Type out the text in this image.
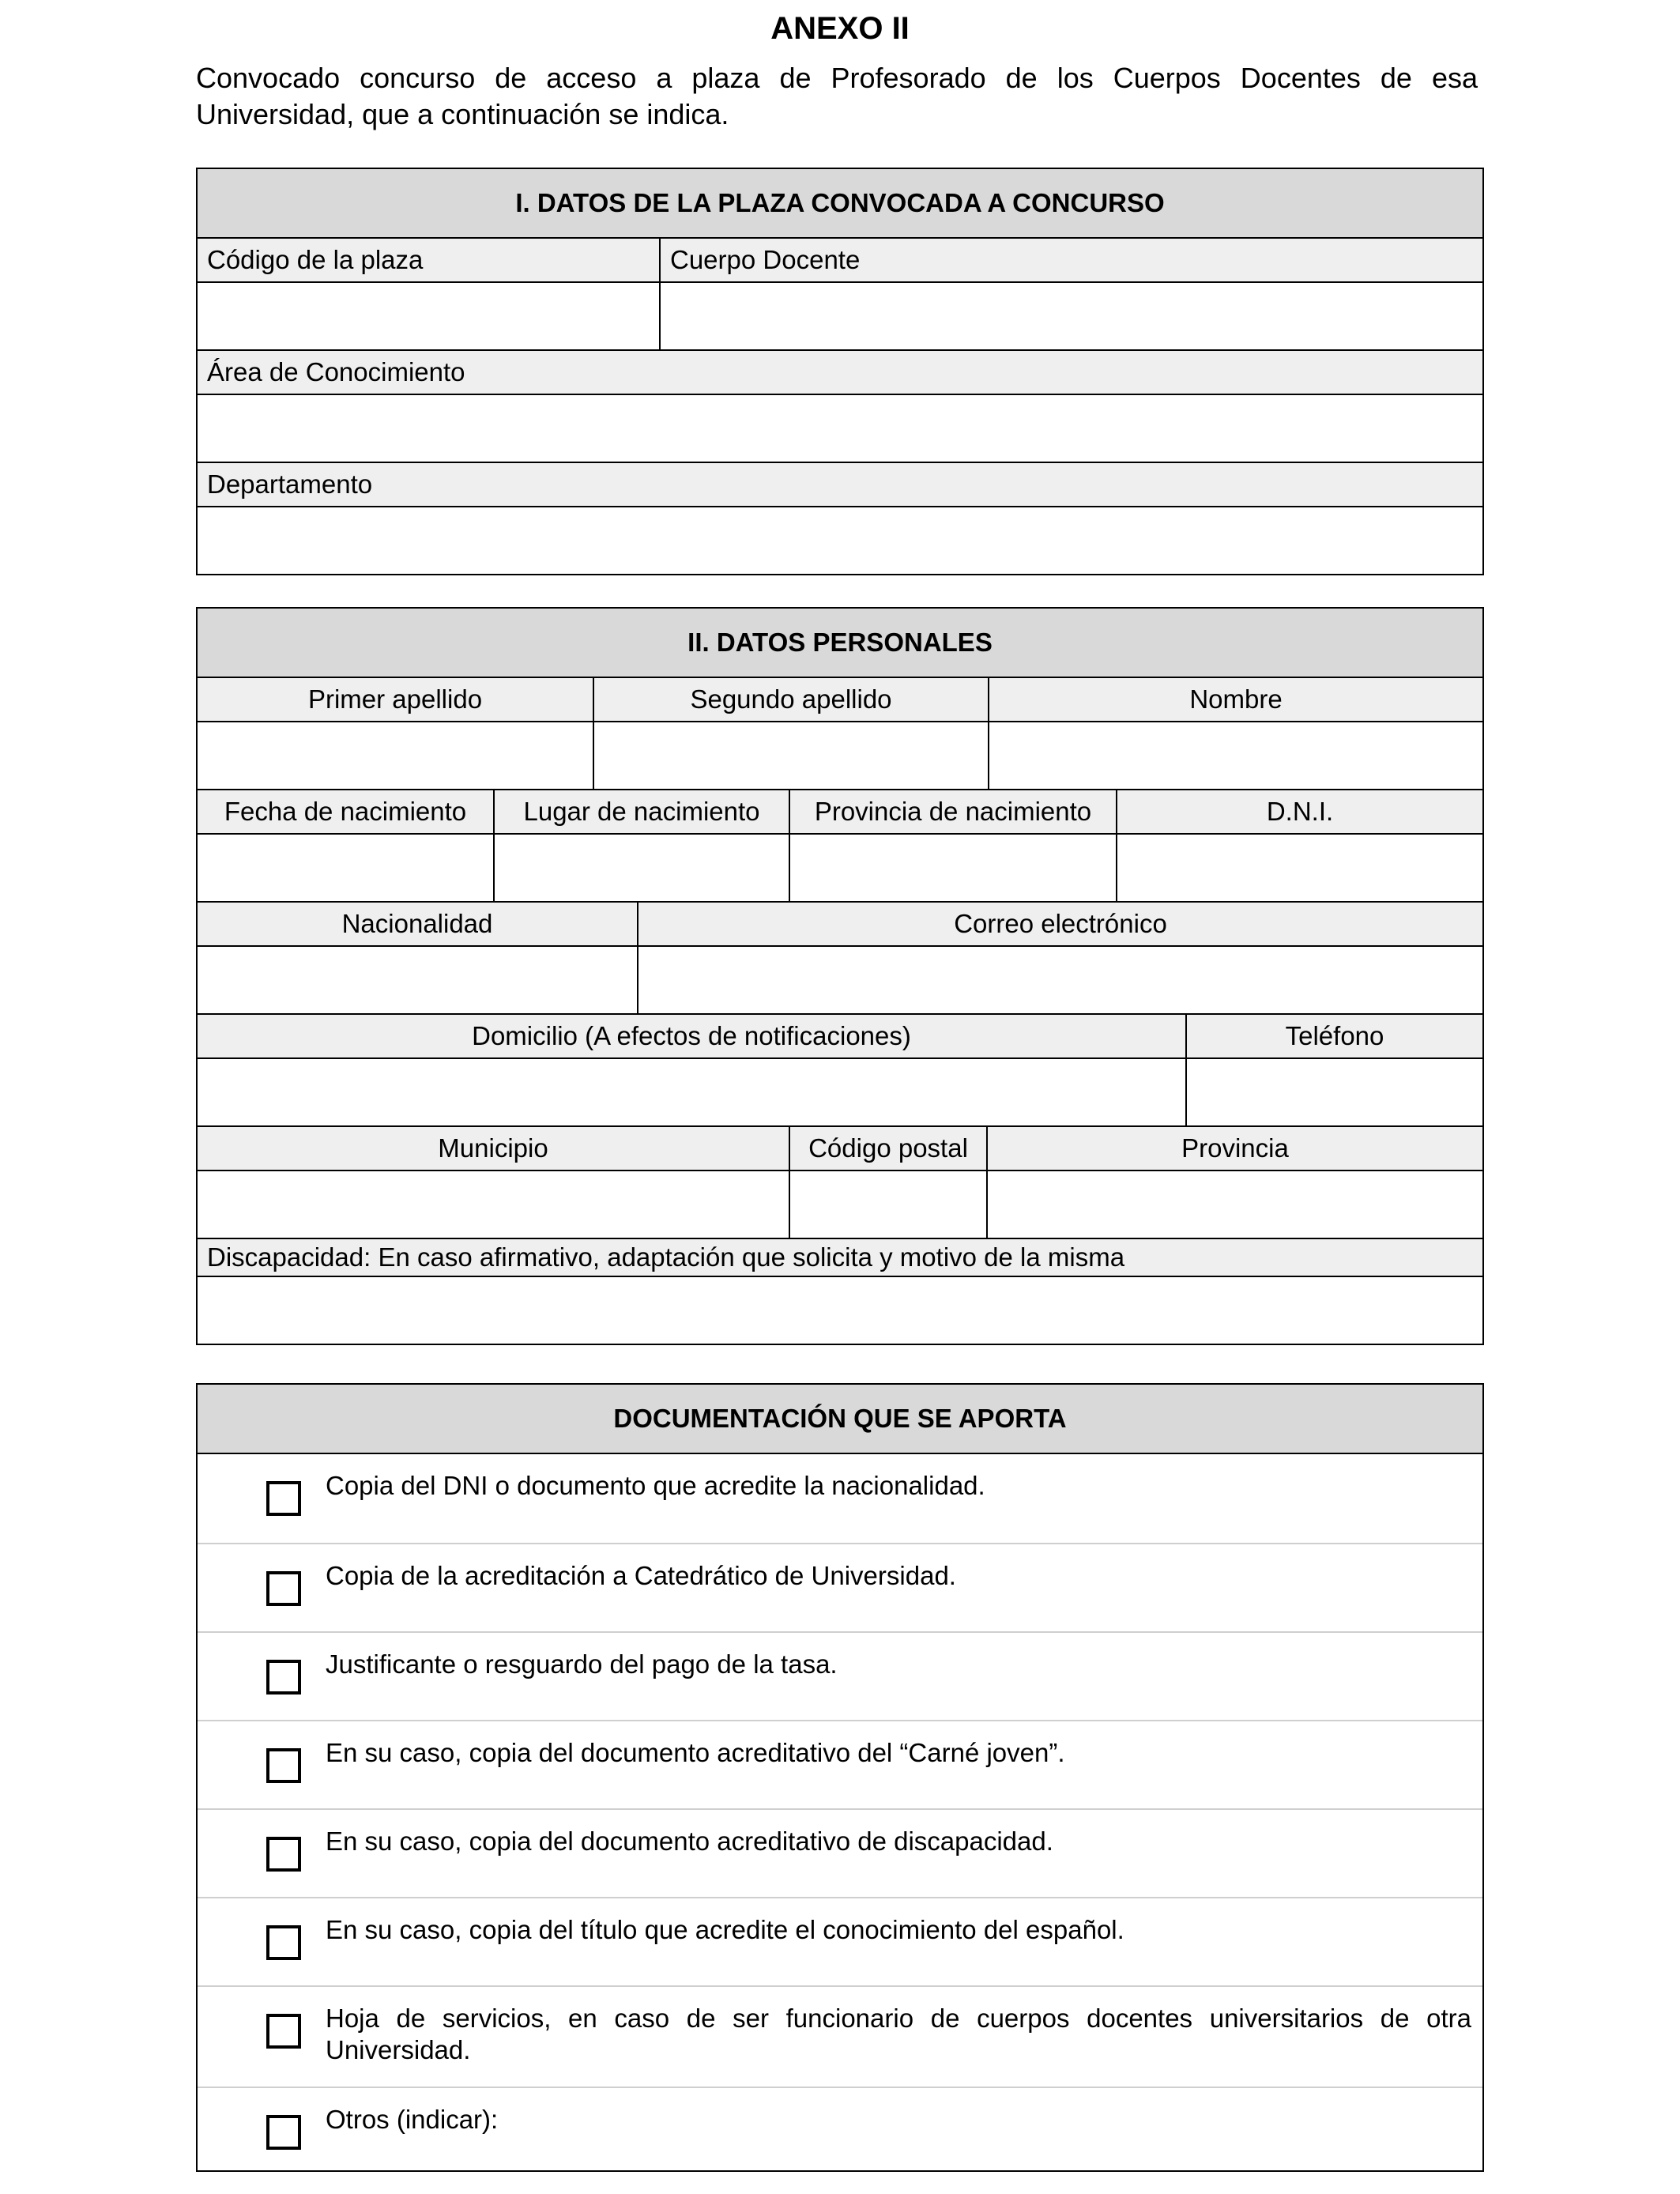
ANEXO II
Convocado concurso de acceso a plaza de Profesorado de los Cuerpos Docentes de esa Universidad, que a continuación se indica.
I. DATOS DE LA PLAZA CONVOCADA A CONCURSO
Código de la plaza	Cuerpo Docente
Área de Conocimiento
Departamento
II. DATOS PERSONALES
Primer apellido	Segundo apellido	Nombre
Fecha de nacimiento	Lugar de nacimiento	Provincia de nacimiento	D.N.I.
Nacionalidad	Correo electrónico
Domicilio (A efectos de notificaciones)	Teléfono
Municipio	Código postal	Provincia
Discapacidad: En caso afirmativo, adaptación que solicita y motivo de la misma
DOCUMENTACIÓN QUE SE APORTA
Copia del DNI o documento que acredite la nacionalidad.
Copia de la acreditación a Catedrático de Universidad.
Justificante o resguardo del pago de la tasa.
En su caso, copia del documento acreditativo del “Carné joven”.
En su caso, copia del documento acreditativo de discapacidad.
En su caso, copia del título que acredite el conocimiento del español.
Hoja de servicios, en caso de ser funcionario de cuerpos docentes universitarios de otra Universidad.
Otros (indicar):
